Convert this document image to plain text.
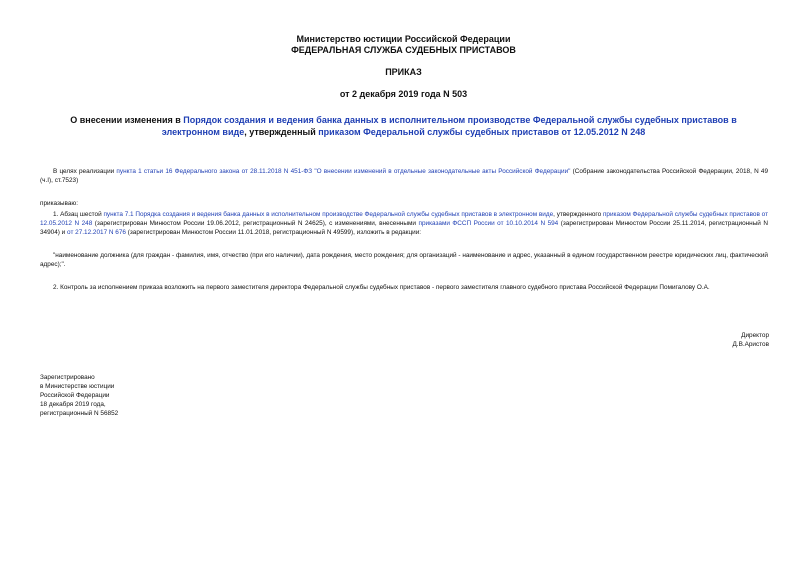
Министерство юстиции Российской Федерации
ФЕДЕРАЛЬНАЯ СЛУЖБА СУДЕБНЫХ ПРИСТАВОВ
ПРИКАЗ
от 2 декабря 2019 года N 503
О внесении изменения в Порядок создания и ведения банка данных в исполнительном производстве Федеральной службы судебных приставов в электронном виде, утвержденный приказом Федеральной службы судебных приставов от 12.05.2012 N 248
В целях реализации пункта 1 статьи 16 Федерального закона от 28.11.2018 N 451-ФЗ "О внесении изменений в отдельные законодательные акты Российской Федерации" (Собрание законодательства Российской Федерации, 2018, N 49 (ч.I), ст.7523)
приказываю:
1. Абзац шестой пункта 7.1 Порядка создания и ведения банка данных в исполнительном производстве Федеральной службы судебных приставов в электронном виде, утвержденного приказом Федеральной службы судебных приставов от 12.05.2012 N 248 (зарегистрирован Минюстом России 19.06.2012, регистрационный N 24625), с изменениями, внесенными приказами ФССП России от 10.10.2014 N 594 (зарегистрирован Минюстом России 25.11.2014, регистрационный N 34904) и от 27.12.2017 N 676 (зарегистрирован Минюстом России 11.01.2018, регистрационный N 49599), изложить в редакции:
"наименование должника (для граждан - фамилия, имя, отчество (при его наличии), дата рождения, место рождения; для организаций - наименование и адрес, указанный в едином государственном реестре юридических лиц, фактический адрес);".
2. Контроль за исполнением приказа возложить на первого заместителя директора Федеральной службы судебных приставов - первого заместителя главного судебного пристава Российской Федерации Помигалову О.А.
Директор
Д.В.Аристов
Зарегистрировано
в Министерстве юстиции
Российской Федерации
18 декабря 2019 года,
регистрационный N 56852
